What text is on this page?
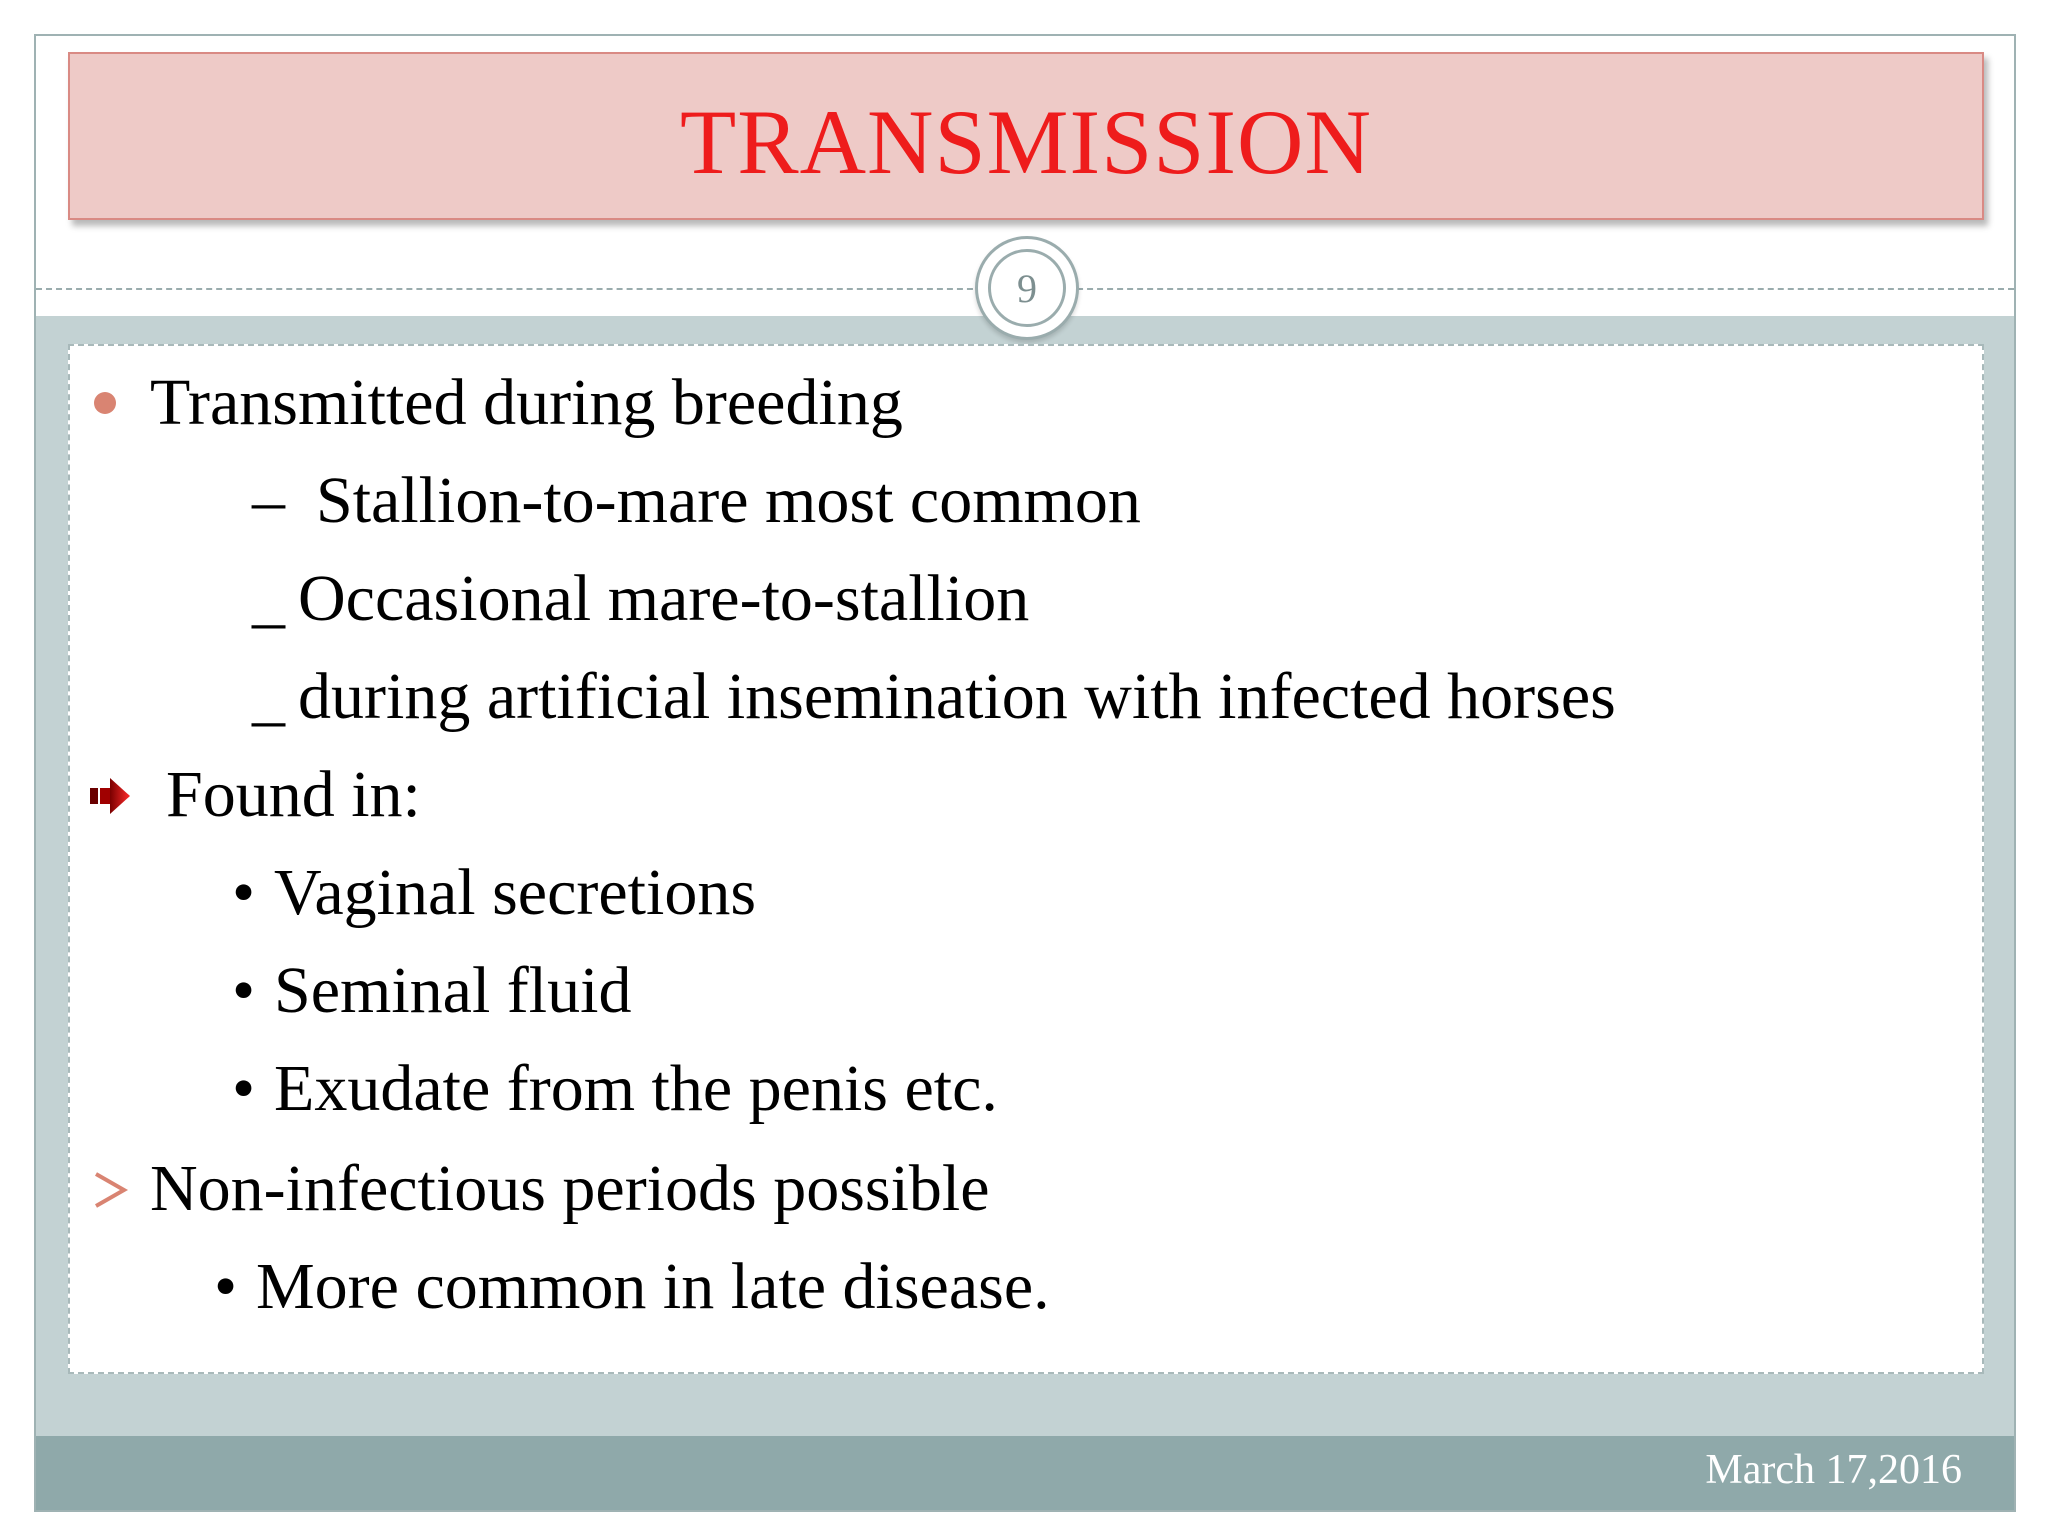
TRANSMISSION
9
Transmitted during breeding
– Stallion-to-mare most common
_ Occasional mare-to-stallion
_ during artificial insemination with infected horses
Found in:
• Vaginal secretions
• Seminal fluid
• Exudate from the penis etc.
Non-infectious periods possible
• More common in late disease.
March 17,2016
